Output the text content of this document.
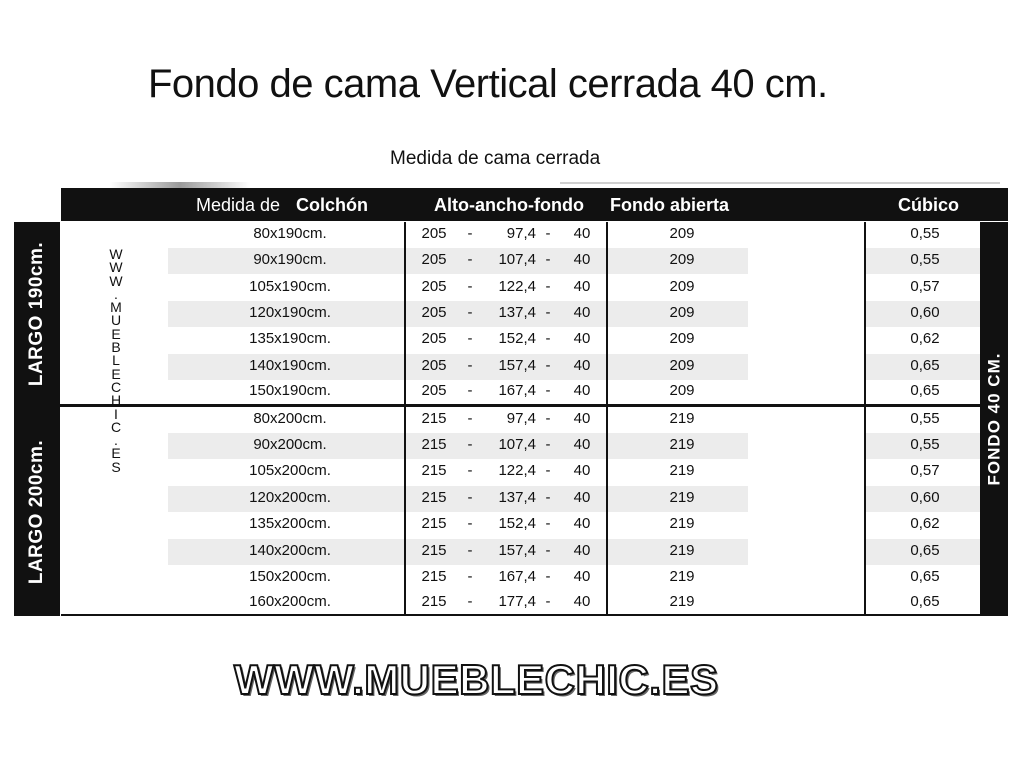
Fondo de cama Vertical cerrada 40 cm.
Medida de cama cerrada
Medida de Colchón	Alto-ancho-fondo Fondo abierta	Cúbico
80x190cm.	205	-	97,4 -	40	209	0,55
90x190cm.	205	-	107,4 -	40	209	0,55
105x190cm.	205	-	122,4 -	40	209	0,57
120x190cm.	205	-	137,4 -	40	209	0,60
135x190cm.	205	-	152,4 -	40	209	0,62
140x190cm.	205	-	157,4 -	40	209	0,65
150x190cm.	205	-	167,4 -	40	209	0,65
80x200cm.	215	-	97,4 -	40	219	0,55
90x200cm.	215	-	107,4 -	40	219	0,55
105x200cm.	215	-	122,4 -	40	219	0,57
120x200cm.	215	-	137,4 -	40	219	0,60
135x200cm.	215	-	152,4 -	40	219	0,62
140x200cm.	215	-	157,4 -	40	219	0,65
150x200cm.	215	-	167,4 -	40	219	0,65
160x200cm.	215	-	177,4 -	40	219	0,65
LARGO 190cm.
LARGO 200cm.
FONDO 40 CM.
W
W
W
.
M
U
E
B
L
E
C
H
I
C
.
E
S
WWW.MUEBLECHIC.ES
